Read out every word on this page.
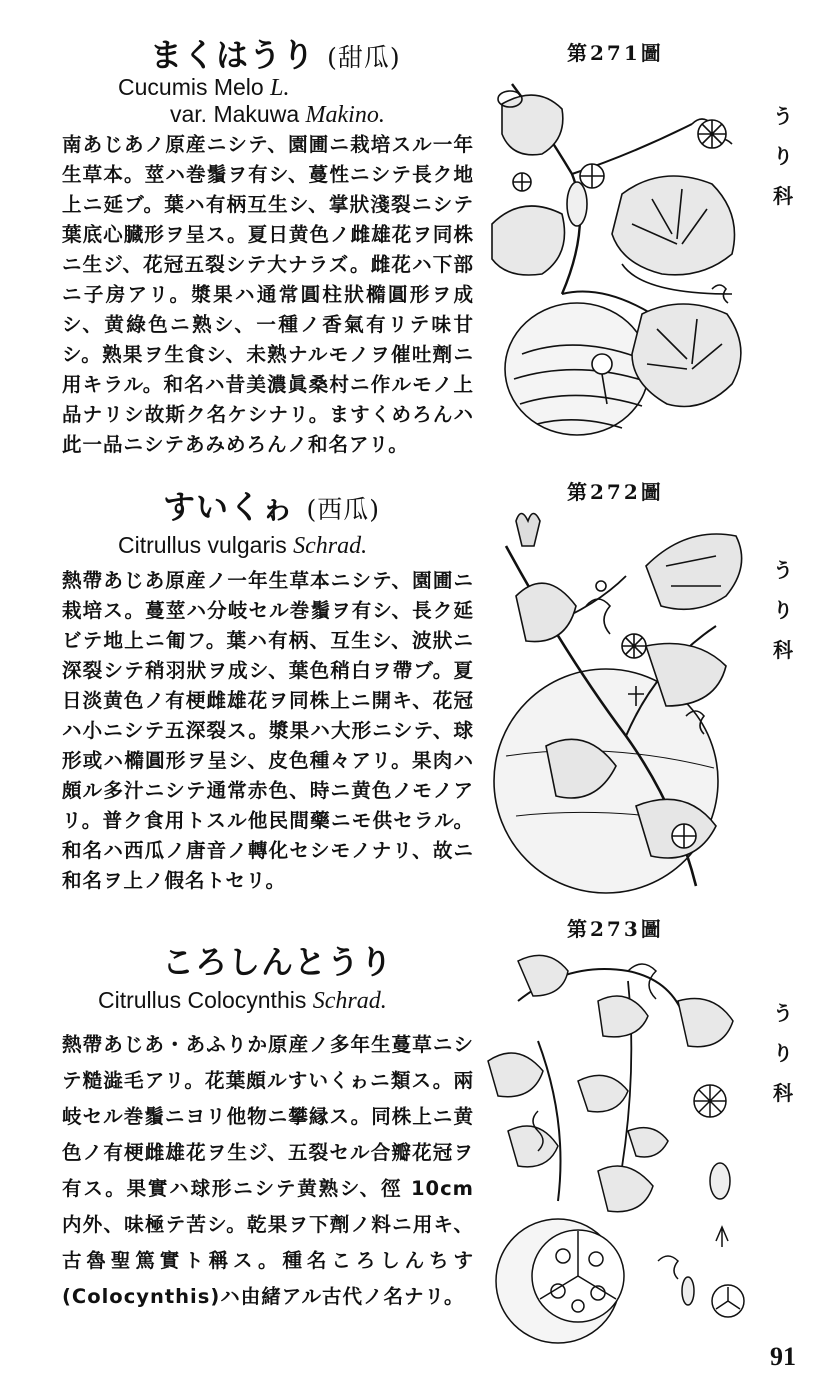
まくはうり (甜瓜)
Cucumis Melo L.
var. Makuwa Makino.

南あじあノ原産ニシテ、園圃ニ栽培スル一年生草本。莖ハ巻鬚ヲ有シ、蔓性ニシテ長ク地上ニ延ブ。葉ハ有柄互生シ、掌狀淺裂ニシテ葉底心臓形ヲ呈ス。夏日黄色ノ雌雄花ヲ同株ニ生ジ、花冠五裂シテ大ナラズ。雌花ハ下部ニ子房アリ。漿果ハ通常圓柱狀橢圓形ヲ成シ、黄綠色ニ熟シ、一種ノ香氣有リテ味甘シ。熟果ヲ生食シ、未熟ナルモノヲ催吐劑ニ用キラル。和名ハ昔美濃眞桑村ニ作ルモノ上品ナリシ故斯ク名ケシナリ。ますくめろんハ此一品ニシテあみめろんノ和名アリ。

第271圖
うり科
すいくゎ (西瓜)
Citrullus vulgaris Schrad.

熱帶あじあ原産ノ一年生草本ニシテ、園圃ニ栽培ス。蔓莖ハ分岐セル巻鬚ヲ有シ、長ク延ビテ地上ニ匍フ。葉ハ有柄、互生シ、波狀ニ深裂シテ稍羽狀ヲ成シ、葉色稍白ヲ帶ブ。夏日淡黄色ノ有梗雌雄花ヲ同株上ニ開キ、花冠ハ小ニシテ五深裂ス。漿果ハ大形ニシテ、球形或ハ橢圓形ヲ呈シ、皮色種々アリ。果肉ハ頗ル多汁ニシテ通常赤色、時ニ黄色ノモノアリ。普ク食用トスル他民間藥ニモ供セラル。和名ハ西瓜ノ唐音ノ轉化セシモノナリ、故ニ和名ヲ上ノ假名トセリ。

第272圖
うり科
ころしんとうり
Citrullus Colocynthis Schrad.

熱帶あじあ・あふりか原産ノ多年生蔓草ニシテ糙澁毛アリ。花葉頗ルすいくゎニ類ス。兩岐セル巻鬚ニヨリ他物ニ攀縁ス。同株上ニ黄色ノ有梗雌雄花ヲ生ジ、五裂セル合瓣花冠ヲ有ス。果實ハ球形ニシテ黄熟シ、徑 10cm 内外、味極テ苦シ。乾果ヲ下劑ノ料ニ用キ、古魯聖篤實ト稱ス。種名ころしんちす(Colocynthis)ハ由緒アル古代ノ名ナリ。

第273圖
うり科
91
